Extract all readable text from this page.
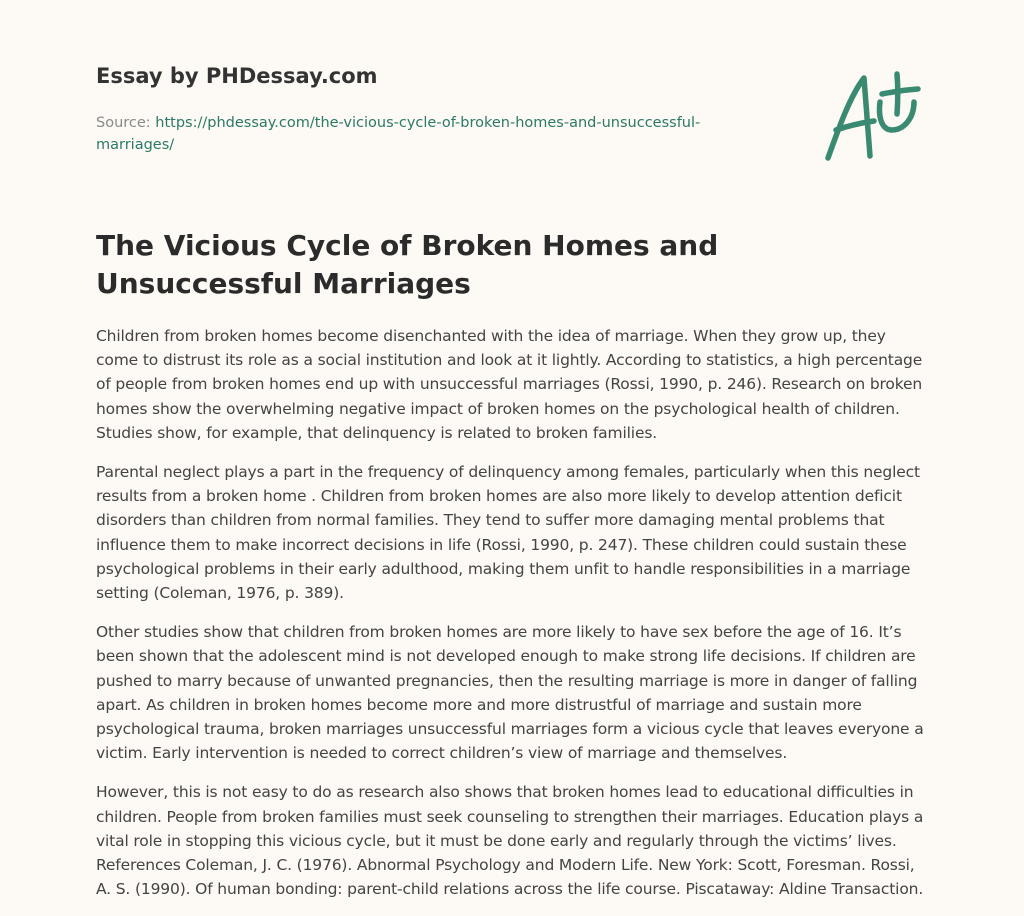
Essay by PHDessay.com
Source: https://phdessay.com/the-vicious-cycle-of-broken-homes-and-unsuccessful-marriages/
The Vicious Cycle of Broken Homes and Unsuccessful Marriages

Children from broken homes become disenchanted with the idea of marriage. When they grow up, they come to distrust its role as a social institution and look at it lightly. According to statistics, a high percentage of people from broken homes end up with unsuccessful marriages (Rossi, 1990, p. 246). Research on broken homes show the overwhelming negative impact of broken homes on the psychological health of children. Studies show, for example, that delinquency is related to broken families.

Parental neglect plays a part in the frequency of delinquency among females, particularly when this neglect results from a broken home . Children from broken homes are also more likely to develop attention deficit disorders than children from normal families. They tend to suffer more damaging mental problems that influence them to make incorrect decisions in life (Rossi, 1990, p. 247). These children could sustain these psychological problems in their early adulthood, making them unfit to handle responsibilities in a marriage setting (Coleman, 1976, p. 389).

Other studies show that children from broken homes are more likely to have sex before the age of 16. It’s been shown that the adolescent mind is not developed enough to make strong life decisions. If children are pushed to marry because of unwanted pregnancies, then the resulting marriage is more in danger of falling apart. As children in broken homes become more and more distrustful of marriage and sustain more psychological trauma, broken marriages unsuccessful marriages form a vicious cycle that leaves everyone a victim. Early intervention is needed to correct children’s view of marriage and themselves.

However, this is not easy to do as research also shows that broken homes lead to educational difficulties in children. People from broken families must seek counseling to strengthen their marriages. Education plays a vital role in stopping this vicious cycle, but it must be done early and regularly through the victims’ lives. References Coleman, J. C. (1976). Abnormal Psychology and Modern Life. New York: Scott, Foresman. Rossi, A. S. (1990). Of human bonding: parent-child relations across the life course. Piscataway: Aldine Transaction.
